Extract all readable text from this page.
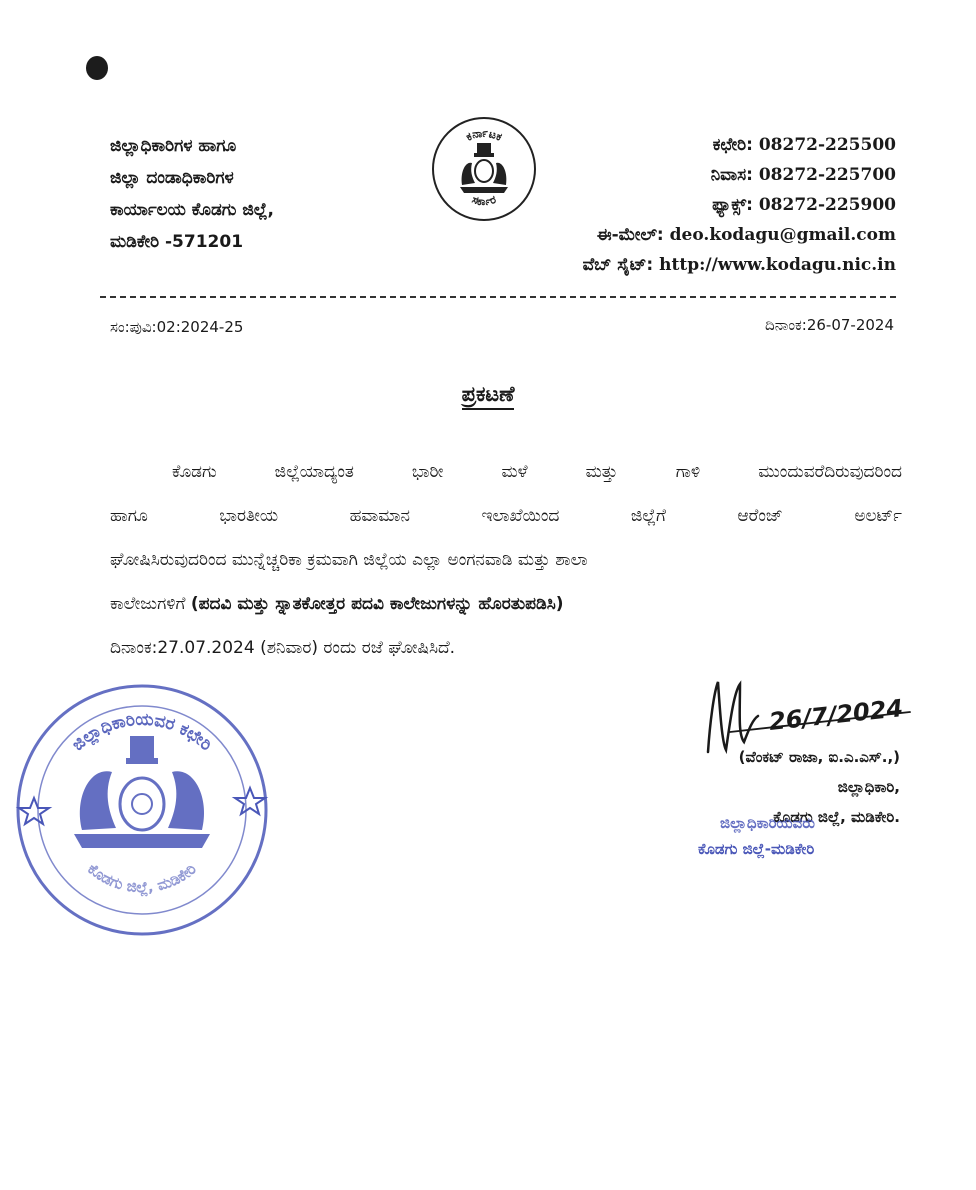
ಜಿಲ್ಲಾಧಿಕಾರಿಗಳ ಹಾಗೂ
ಜಿಲ್ಲಾ ದಂಡಾಧಿಕಾರಿಗಳ
ಕಾರ್ಯಾಲಯ ಕೊಡಗು ಜಿಲ್ಲೆ,
ಮಡಿಕೇರಿ -571201
ಕರ್ನಾಟಕ
ಸರ್ಕಾರ
ಕಛೇರಿ: 08272-225500
ನಿವಾಸ: 08272-225700
ಫ್ಯಾಕ್ಸ್: 08272-225900
ಈ-ಮೇಲ್: deo.kodagu@gmail.com
ವೆಬ್ ಸೈಟ್: http://www.kodagu.nic.in
ಸಂ:ಪುವಿ:02:2024-25	ದಿನಾಂಕ:26-07-2024
ಪ್ರಕಟಣೆ
ಕೊಡಗು ಜಿಲ್ಲೆಯಾದ್ಯಂತ ಭಾರೀ ಮಳೆ ಮತ್ತು ಗಾಳಿ ಮುಂದುವರೆದಿರುವುದರಿಂದ
ಹಾಗೂ ಭಾರತೀಯ ಹವಾಮಾನ ಇಲಾಖೆಯಿಂದ ಜಿಲ್ಲೆಗೆ ಆರೆಂಜ್ ಅಲರ್ಟ್
ಘೋಷಿಸಿರುವುದರಿಂದ ಮುನ್ನೆಚ್ಚರಿಕಾ ಕ್ರಮವಾಗಿ ಜಿಲ್ಲೆಯ ಎಲ್ಲಾ ಅಂಗನವಾಡಿ ಮತ್ತು ಶಾಲಾ
ಕಾಲೇಜುಗಳಿಗೆ (ಪದವಿ ಮತ್ತು ಸ್ನಾತಕೋತ್ತರ ಪದವಿ ಕಾಲೇಜುಗಳನ್ನು ಹೊರತುಪಡಿಸಿ)
ದಿನಾಂಕ:27.07.2024 (ಶನಿವಾರ) ರಂದು ರಜೆ ಘೋಷಿಸಿದೆ.
ಜಿಲ್ಲಾಧಿಕಾರಿಯವರ ಕಛೇರಿ
ಕೊಡಗು ಜಿಲ್ಲೆ, ಮಡಿಕೇರಿ
26/7/2024
(ವೆಂಕಟ್ ರಾಜಾ, ಐ.ಎ.ಎಸ್.,)
ಜಿಲ್ಲಾಧಿಕಾರಿ,
ಕೊಡಗು ಜಿಲ್ಲೆ, ಮಡಿಕೇರಿ.
ಜಿಲ್ಲಾಧಿಕಾರಿಯವರು
ಕೊಡಗು ಜಿಲ್ಲೆ-ಮಡಿಕೇರಿ
